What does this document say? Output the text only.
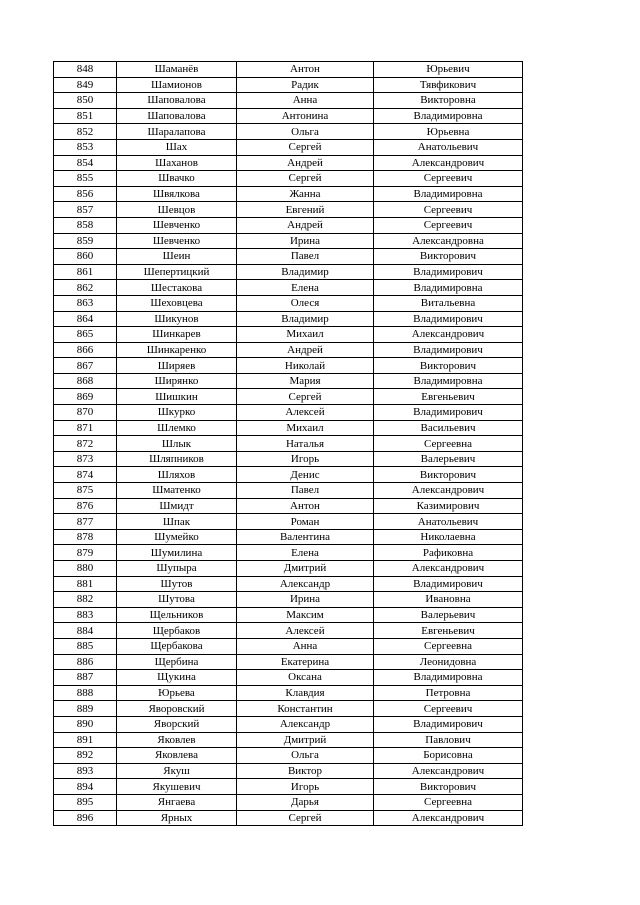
848	Шаманёв	Антон	Юрьевич
849	Шамионов	Радик	Тявфикович
850	Шаповалова	Анна	Викторовна
851	Шаповалова	Антонина	Владимировна
852	Шаралапова	Ольга	Юрьевна
853	Шах	Сергей	Анатольевич
854	Шаханов	Андрей	Александрович
855	Швачко	Сергей	Сергеевич
856	Швялкова	Жанна	Владимировна
857	Шевцов	Евгений	Сергеевич
858	Шевченко	Андрей	Сергеевич
859	Шевченко	Ирина	Александровна
860	Шеин	Павел	Викторович
861	Шепертицкий	Владимир	Владимирович
862	Шестакова	Елена	Владимировна
863	Шеховцева	Олеся	Витальевна
864	Шикунов	Владимир	Владимирович
865	Шинкарев	Михаил	Александрович
866	Шинкаренко	Андрей	Владимирович
867	Ширяев	Николай	Викторович
868	Ширянко	Мария	Владимировна
869	Шишкин	Сергей	Евгеньевич
870	Шкурко	Алексей	Владимирович
871	Шлемко	Михаил	Васильевич
872	Шлык	Наталья	Сергеевна
873	Шляпников	Игорь	Валерьевич
874	Шляхов	Денис	Викторович
875	Шматенко	Павел	Александрович
876	Шмидт	Антон	Казимирович
877	Шпак	Роман	Анатольевич
878	Шумейко	Валентина	Николаевна
879	Шумилина	Елена	Рафиковна
880	Шупыра	Дмитрий	Александрович
881	Шутов	Александр	Владимирович
882	Шутова	Ирина	Ивановна
883	Щельников	Максим	Валерьевич
884	Щербаков	Алексей	Евгеньевич
885	Щербакова	Анна	Сергеевна
886	Щербина	Екатерина	Леонидовна
887	Щукина	Оксана	Владимировна
888	Юрьева	Клавдия	Петровна
889	Яворовский	Константин	Сергеевич
890	Яворский	Александр	Владимирович
891	Яковлев	Дмитрий	Павлович
892	Яковлева	Ольга	Борисовна
893	Якуш	Виктор	Александрович
894	Якушевич	Игорь	Викторович
895	Янгаева	Дарья	Сергеевна
896	Ярных	Сергей	Александрович
